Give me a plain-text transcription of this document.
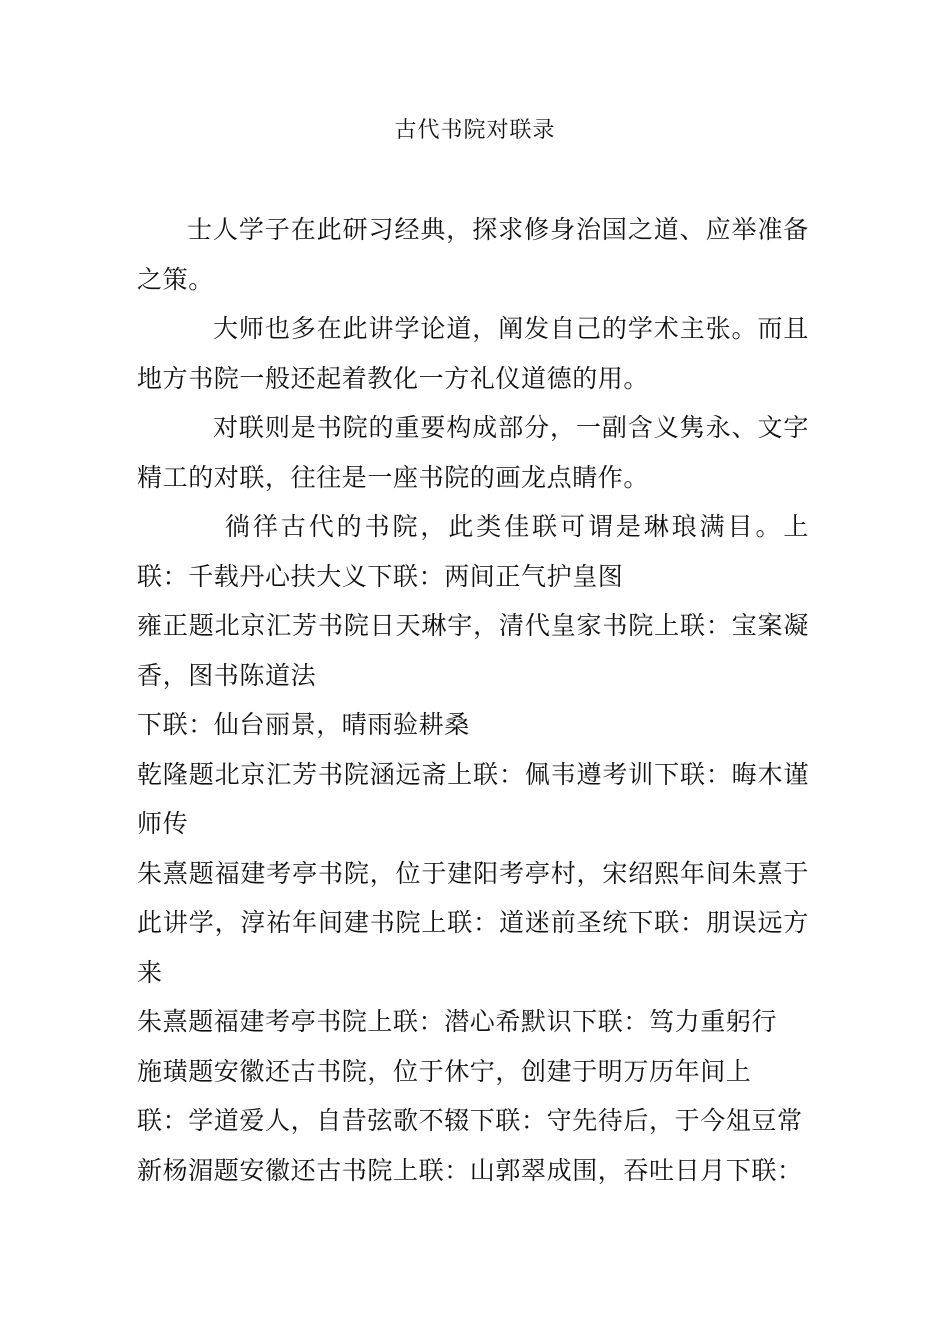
古代书院对联录

士人学子在此研习经典，探求修身治国之道、应举准备之策。

大师也多在此讲学论道，阐发自己的学术主张。而且地方书院一般还起着教化一方礼仪道德的用。

对联则是书院的重要构成部分，一副含义隽永、文字精工的对联，往往是一座书院的画龙点睛作。

徜徉古代的书院，此类佳联可谓是琳琅满目。上联：千载丹心扶大义下联：两间正气护皇图

雍正题北京汇芳书院日天琳宇，清代皇家书院上联：宝案凝香，图书陈道法

下联：仙台丽景，晴雨验耕桑

乾隆题北京汇芳书院涵远斋上联：佩韦遵考训下联：晦木谨师传

朱熹题福建考亭书院，位于建阳考亭村，宋绍熙年间朱熹于此讲学，淳祐年间建书院上联：道迷前圣统下联：朋误远方来

朱熹题福建考亭书院上联：潜心希默识下联：笃力重躬行

施璜题安徽还古书院，位于休宁，创建于明万历年间上

联：学道爱人，自昔弦歌不辍下联：守先待后，于今俎豆常

新杨湄题安徽还古书院上联：山郭翠成围，吞吐日月下联：
